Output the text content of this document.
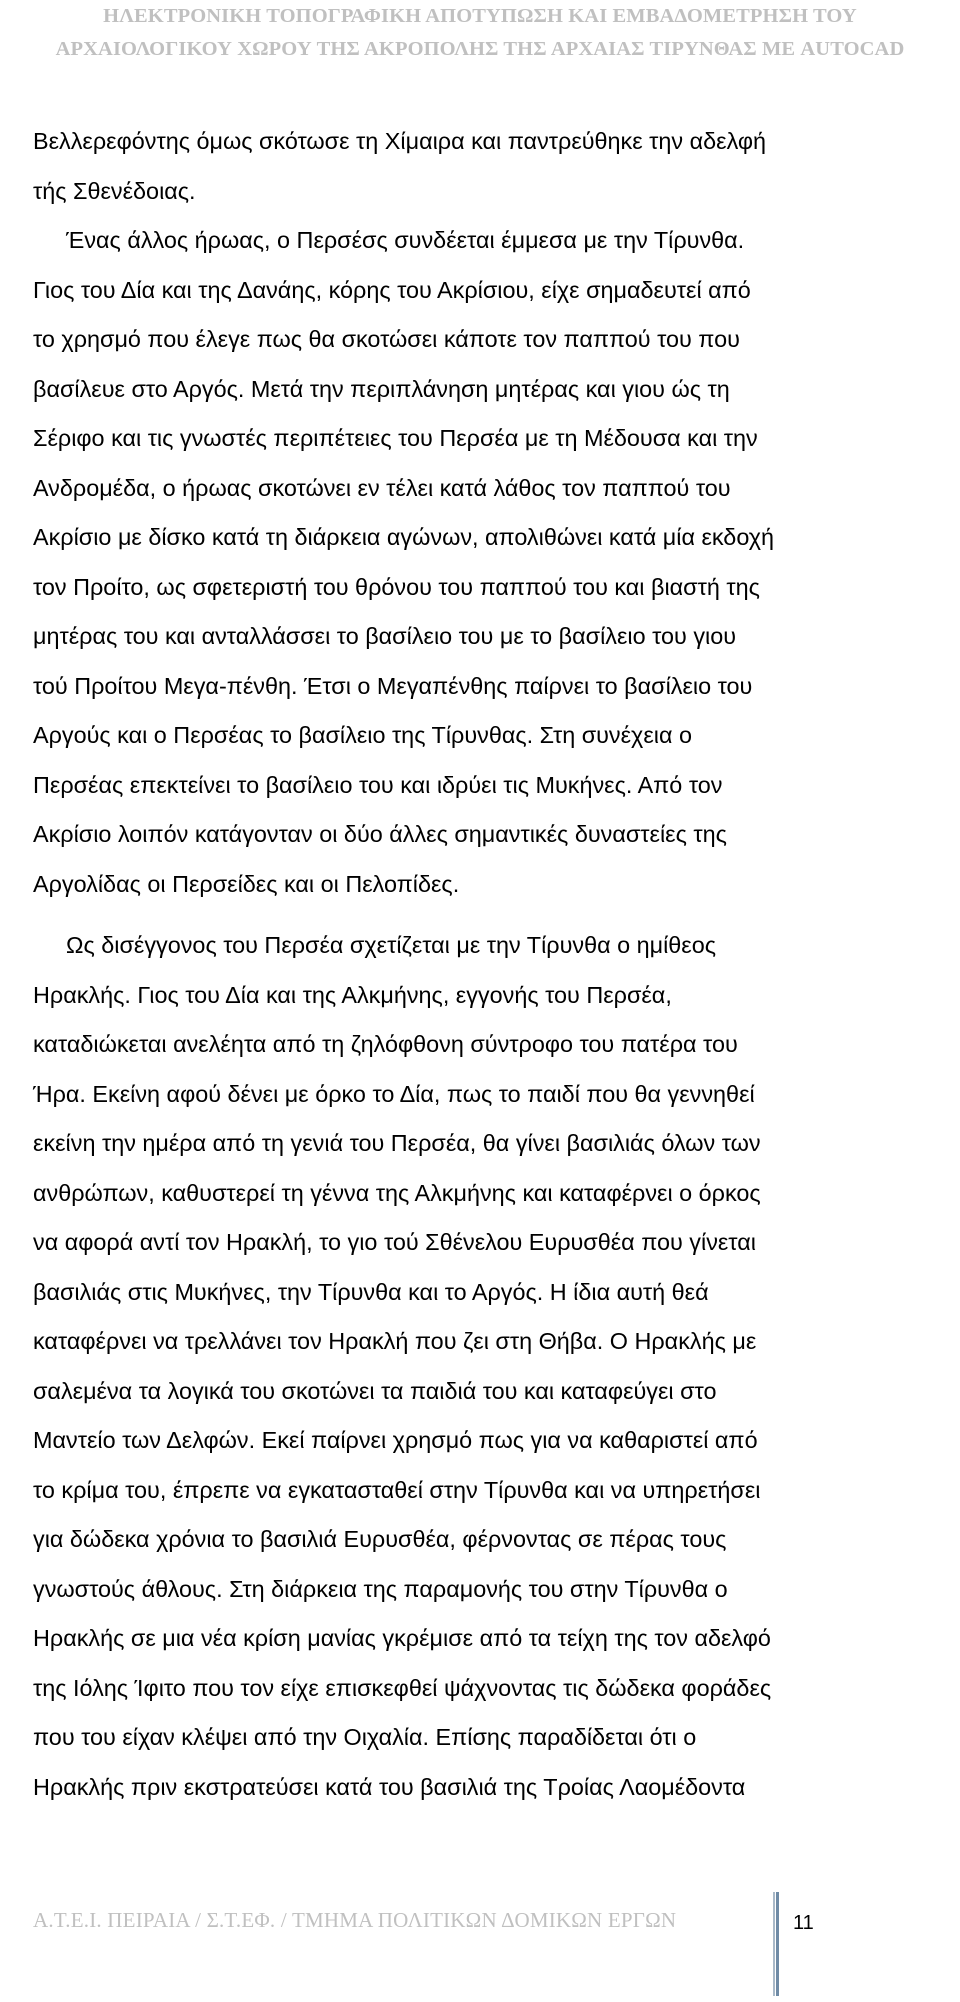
ΗΛΕΚΤΡΟΝΙΚΗ ΤΟΠΟΓΡΑΦΙΚΗ ΑΠΟΤΥΠΩΣΗ ΚΑΙ ΕΜΒΑΔΟΜΕΤΡΗΣΗ ΤΟΥ
ΑΡΧΑΙΟΛΟΓΙΚΟΥ ΧΩΡΟΥ ΤΗΣ ΑΚΡΟΠΟΛΗΣ ΤΗΣ ΑΡΧΑΙΑΣ ΤΙΡΥΝΘΑΣ ΜΕ AUTOCAD

Βελλερεφόντης όμως σκότωσε τη Χίμαιρα και παντρεύθηκε την αδελφή
τής Σθενέδοιας.

Ένας άλλος ήρωας, ο Περσέσς συνδέεται έμμεσα με την Τίρυνθα.
Γιος του Δία και της Δανάης, κόρης του Ακρίσιου, είχε σημαδευτεί από
το χρησμό που έλεγε πως θα σκοτώσει κάποτε τον παππού του που
βασίλευε στο Αργός. Μετά την περιπλάνηση μητέρας και γιου ώς τη
Σέριφο και τις γνωστές περιπέτειες του Περσέα με τη Μέδουσα και την
Ανδρομέδα, ο ήρωας σκοτώνει εν τέλει κατά λάθος τον παππού του
Ακρίσιο με δίσκο κατά τη διάρκεια αγώνων, απολιθώνει κατά μία εκδοχή
τον Προίτο, ως σφετεριστή του θρόνου του παππού του και βιαστή της
μητέρας του και ανταλλάσσει το βασίλειο του με το βασίλειο του γιου
τού Προίτου Μεγα-πένθη. Έτσι ο Μεγαπένθης παίρνει το βασίλειο του
Αργούς και ο Περσέας το βασίλειο της Τίρυνθας. Στη συνέχεια ο
Περσέας επεκτείνει το βασίλειο του και ιδρύει τις Μυκήνες. Από τον
Ακρίσιο λοιπόν κατάγονταν οι δύο άλλες σημαντικές δυναστείες της
Αργολίδας οι Περσείδες και οι Πελοπίδες.

Ως δισέγγονος του Περσέα σχετίζεται με την Τίρυνθα ο ημίθεος
Ηρακλής. Γιος του Δία και της Αλκμήνης, εγγονής του Περσέα,
καταδιώκεται ανελέητα από τη ζηλόφθονη σύντροφο του πατέρα του
Ήρα. Εκείνη αφού δένει με όρκο το Δία, πως το παιδί που θα γεννηθεί
εκείνη την ημέρα από τη γενιά του Περσέα, θα γίνει βασιλιάς όλων των
ανθρώπων, καθυστερεί τη γέννα της Αλκμήνης και καταφέρνει ο όρκος
να αφορά αντί τον Ηρακλή, το γιο τού Σθένελου Ευρυσθέα που γίνεται
βασιλιάς στις Μυκήνες, την Τίρυνθα και το Αργός. Η ίδια αυτή θεά
καταφέρνει να τρελλάνει τον Ηρακλή που ζει στη Θήβα. Ο Ηρακλής με
σαλεμένα τα λογικά του σκοτώνει τα παιδιά του και καταφεύγει στο
Μαντείο των Δελφών. Εκεί παίρνει χρησμό πως για να καθαριστεί από
το κρίμα του, έπρεπε να εγκατασταθεί στην Τίρυνθα και να υπηρετήσει
για δώδεκα χρόνια το βασιλιά Ευρυσθέα, φέρνοντας σε πέρας τους
γνωστούς άθλους. Στη διάρκεια της παραμονής του στην Τίρυνθα ο
Ηρακλής σε μια νέα κρίση μανίας γκρέμισε από τα τείχη της τον αδελφό
της Ιόλης Ίφιτο που τον είχε επισκεφθεί ψάχνοντας τις δώδεκα φοράδες
που του είχαν κλέψει από την Οιχαλία. Επίσης παραδίδεται ότι ο
Ηρακλής πριν εκστρατεύσει κατά του βασιλιά της Τροίας Λαομέδοντα

Α.Τ.Ε.Ι. ΠΕΙΡΑΙΑ / Σ.Τ.ΕΦ. / ΤΜΗΜΑ ΠΟΛΙΤΙΚΩΝ ΔΟΜΙΚΩΝ ΕΡΓΩΝ	11
